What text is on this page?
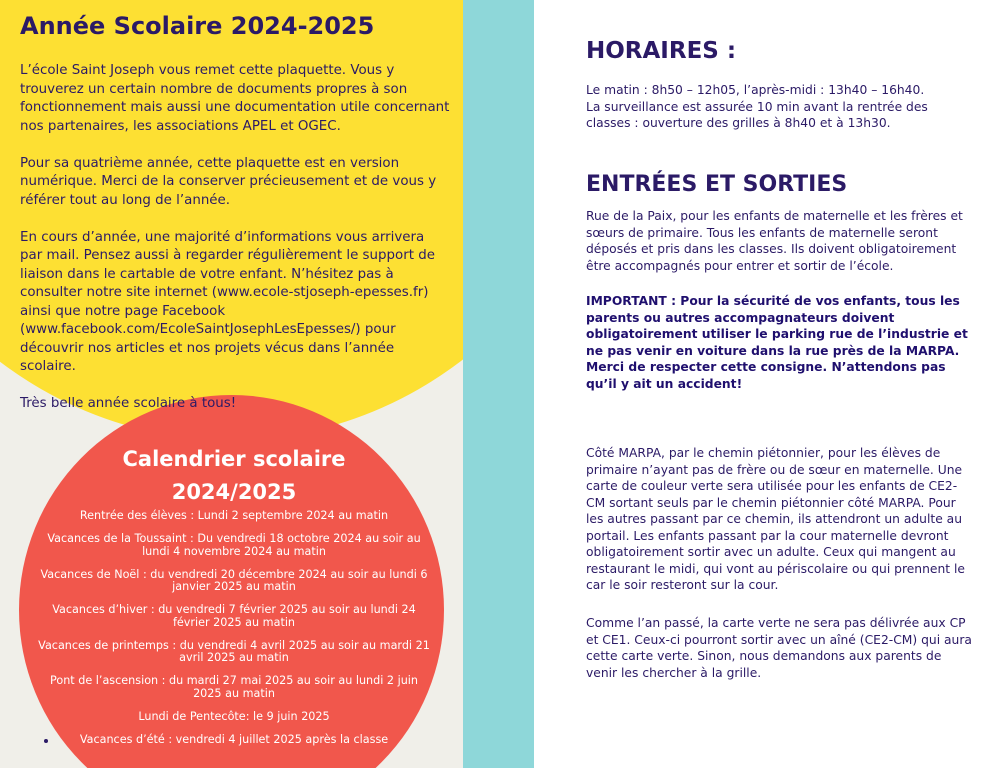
Année Scolaire 2024-2025

L’école Saint Joseph vous remet cette plaquette. Vous y trouverez un certain nombre de documents propres à son fonctionnement mais aussi une documentation utile concernant nos partenaires, les associations APEL et OGEC.

Pour sa quatrième année, cette plaquette est en version numérique. Merci de la conserver précieusement et de vous y référer tout au long de l’année.

En cours d’année, une majorité d’informations vous arrivera par mail. Pensez aussi à regarder régulièrement le support de liaison dans le cartable de votre enfant. N’hésitez pas à consulter notre site internet (www.ecole-stjoseph-epesses.fr) ainsi que notre page Facebook (www.facebook.com/EcoleSaintJosephLesEpesses/) pour découvrir nos articles et nos projets vécus dans l’année scolaire.

Très belle année scolaire à tous!

Calendrier scolaire
2024/2025
Rentrée des élèves : Lundi 2 septembre 2024 au matin
Vacances de la Toussaint : Du vendredi 18 octobre 2024 au soir au lundi 4 novembre 2024 au matin
Vacances de Noël : du vendredi 20 décembre 2024 au soir au lundi 6 janvier 2025 au matin
Vacances d’hiver : du vendredi 7 février 2025 au soir au lundi 24 février 2025 au matin
Vacances de printemps : du vendredi 4 avril 2025 au soir au mardi 21 avril 2025 au matin
Pont de l’ascension : du mardi 27 mai 2025 au soir au lundi 2 juin 2025 au matin
Lundi de Pentecôte: le 9 juin 2025
Vacances d’été : vendredi 4 juillet 2025 après la classe
HORAIRES :

Le matin : 8h50 – 12h05, l’après-midi : 13h40 – 16h40.

La surveillance est assurée 10 min avant la rentrée des classes : ouverture des grilles à 8h40 et à 13h30.

ENTRÉES ET SORTIES

Rue de la Paix, pour les enfants de maternelle et les frères et sœurs de primaire. Tous les enfants de maternelle seront déposés et pris dans les classes. Ils doivent obligatoirement être accompagnés pour entrer et sortir de l’école.

IMPORTANT : Pour la sécurité de vos enfants, tous les parents ou autres accompagnateurs doivent obligatoirement utiliser le parking rue de l’industrie et ne pas venir en voiture dans la rue près de la MARPA. Merci de respecter cette consigne. N’attendons pas qu’il y ait un accident!

Côté MARPA, par le chemin piétonnier, pour les élèves de primaire n’ayant pas de frère ou de sœur en maternelle. Une carte de couleur verte sera utilisée pour les enfants de CE2-CM sortant seuls par le chemin piétonnier côté MARPA. Pour les autres passant par ce chemin, ils attendront un adulte au portail. Les enfants passant par la cour maternelle devront obligatoirement sortir avec un adulte. Ceux qui mangent au restaurant le midi, qui vont au périscolaire ou qui prennent le car le soir resteront sur la cour.

Comme l’an passé, la carte verte ne sera pas délivrée aux CP et CE1. Ceux-ci pourront sortir avec un aîné (CE2-CM) qui aura cette carte verte. Sinon, nous demandons aux parents de venir les chercher à la grille.
